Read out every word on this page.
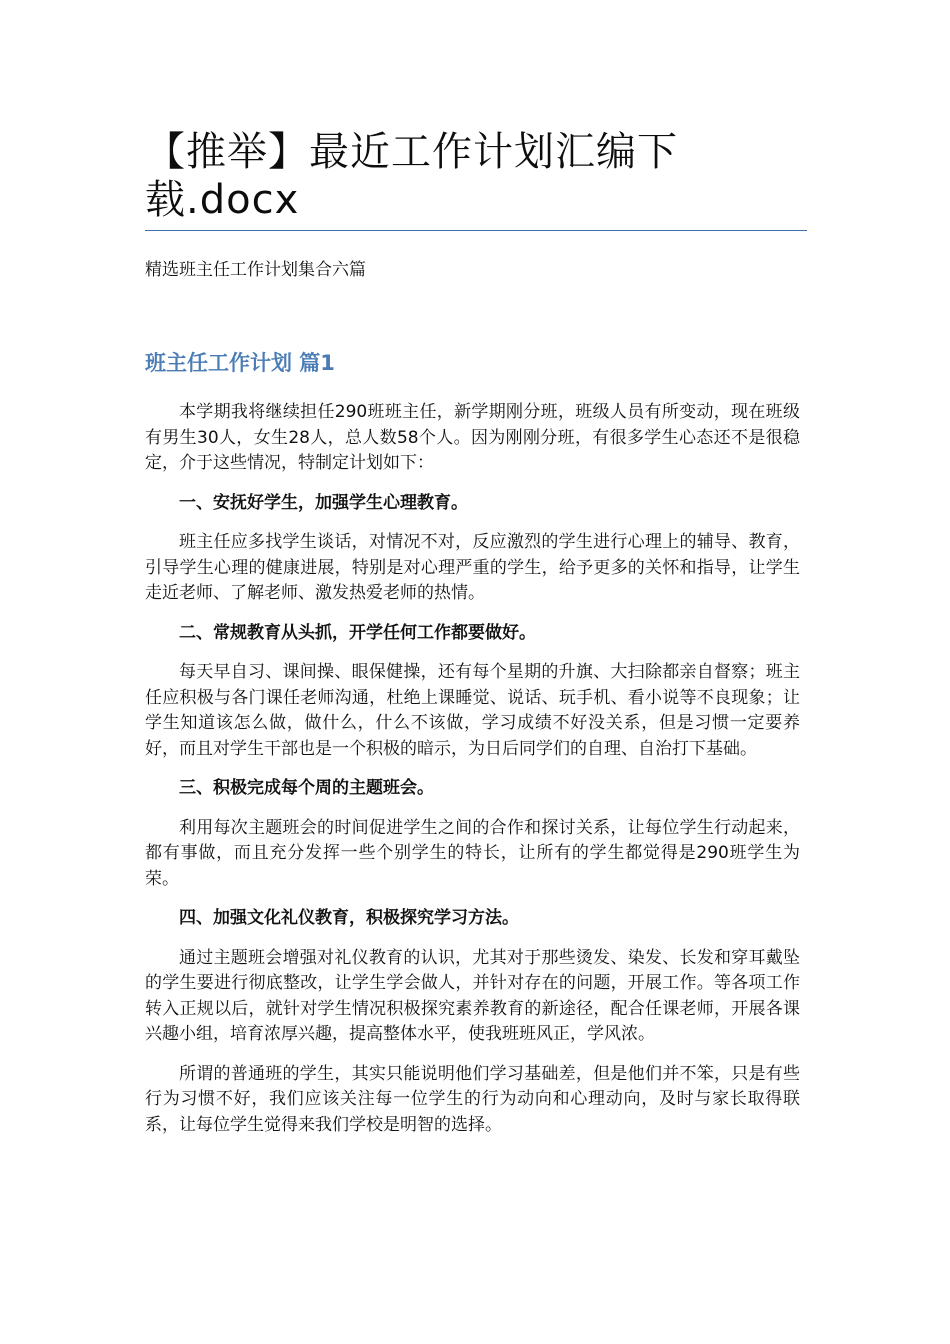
【推举】最近工作计划汇编下载.docx

精选班主任工作计划集合六篇

班主任工作计划 篇1

本学期我将继续担任290班班主任，新学期刚分班，班级人员有所变动，现在班级有男生30人，女生28人，总人数58个人。因为刚刚分班，有很多学生心态还不是很稳定，介于这些情况，特制定计划如下：

一、安抚好学生，加强学生心理教育。

班主任应多找学生谈话，对情况不对，反应激烈的学生进行心理上的辅导、教育，引导学生心理的健康进展，特别是对心理严重的学生，给予更多的关怀和指导，让学生走近老师、了解老师、激发热爱老师的热情。

二、常规教育从头抓，开学任何工作都要做好。

每天早自习、课间操、眼保健操，还有每个星期的升旗、大扫除都亲自督察；班主任应积极与各门课任老师沟通，杜绝上课睡觉、说话、玩手机、看小说等不良现象；让学生知道该怎么做，做什么，什么不该做，学习成绩不好没关系，但是习惯一定要养好，而且对学生干部也是一个积极的暗示，为日后同学们的自理、自治打下基础。

三、积极完成每个周的主题班会。

利用每次主题班会的时间促进学生之间的合作和探讨关系，让每位学生行动起来，都有事做，而且充分发挥一些个别学生的特长，让所有的学生都觉得是290班学生为荣。

四、加强文化礼仪教育，积极探究学习方法。

通过主题班会增强对礼仪教育的认识，尤其对于那些烫发、染发、长发和穿耳戴坠的学生要进行彻底整改，让学生学会做人，并针对存在的问题，开展工作。等各项工作转入正规以后，就针对学生情况积极探究素养教育的新途径，配合任课老师，开展各课兴趣小组，培育浓厚兴趣，提高整体水平，使我班班风正，学风浓。

所谓的普通班的学生，其实只能说明他们学习基础差，但是他们并不笨，只是有些行为习惯不好，我们应该关注每一位学生的行为动向和心理动向，及时与家长取得联系，让每位学生觉得来我们学校是明智的选择。
